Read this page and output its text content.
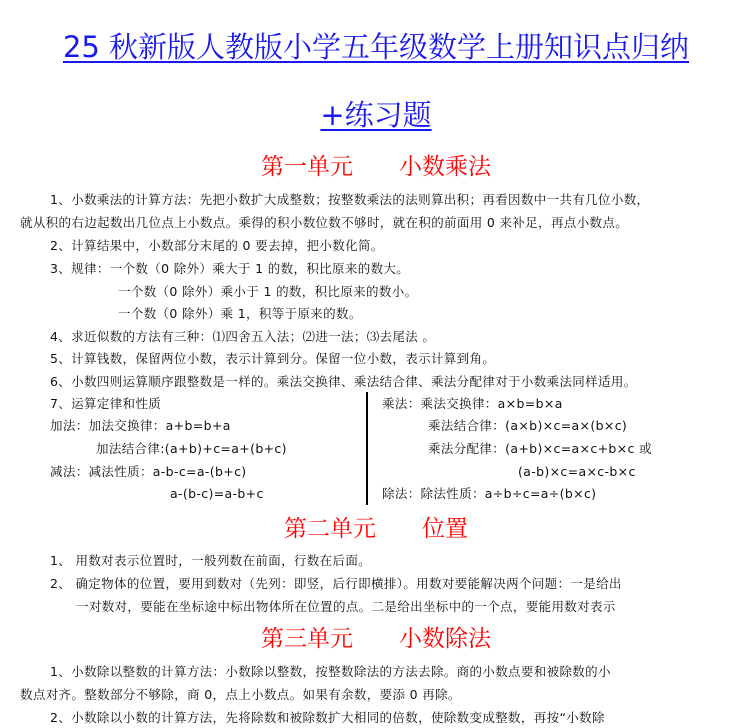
25 秋新版人教版小学五年级数学上册知识点归纳
+练习题
第一单元 小数乘法
1、小数乘法的计算方法：先把小数扩大成整数；按整数乘法的法则算出积；再看因数中一共有几位小数，
就从积的右边起数出几位点上小数点。乘得的积小数位数不够时，就在积的前面用 0 来补足，再点小数点。
2、计算结果中，小数部分末尾的 0 要去掉，把小数化简。
3、规律：一个数（0 除外）乘大于 1 的数，积比原来的数大。
一个数（0 除外）乘小于 1 的数，积比原来的数小。
一个数（0 除外）乘 1，积等于原来的数。
4、求近似数的方法有三种：⑴四舍五入法；⑵进一法；⑶去尾法 。
5、计算钱数，保留两位小数，表示计算到分。保留一位小数，表示计算到角。
6、小数四则运算顺序跟整数是一样的。乘法交换律、乘法结合律、乘法分配律对于小数乘法同样适用。
7、运算定律和性质
加法：加法交换律：a+b=b+a
加法结合律:(a+b)+c=a+(b+c)
减法：减法性质：a-b-c=a-(b+c)
a-(b-c)=a-b+c
乘法：乘法交换律：a×b=b×a
乘法结合律：(a×b)×c=a×(b×c)
乘法分配律：(a+b)×c=a×c+b×c 或
(a-b)×c=a×c-b×c
除法：除法性质：a÷b÷c=a÷(b×c)
第二单元 位置
1、 用数对表示位置时，一般列数在前面，行数在后面。
2、 确定物体的位置，要用到数对（先列：即竖，后行即横排）。用数对要能解决两个问题：一是给出
一对数对，要能在坐标途中标出物体所在位置的点。二是给出坐标中的一个点，要能用数对表示
第三单元 小数除法
1、小数除以整数的计算方法：小数除以整数，按整数除法的方法去除。商的小数点要和被除数的小
数点对齐。整数部分不够除，商 0，点上小数点。如果有余数，要添 0 再除。
2、小数除以小数的计算方法，先将除数和被除数扩大相同的倍数，使除数变成整数，再按“小数除
